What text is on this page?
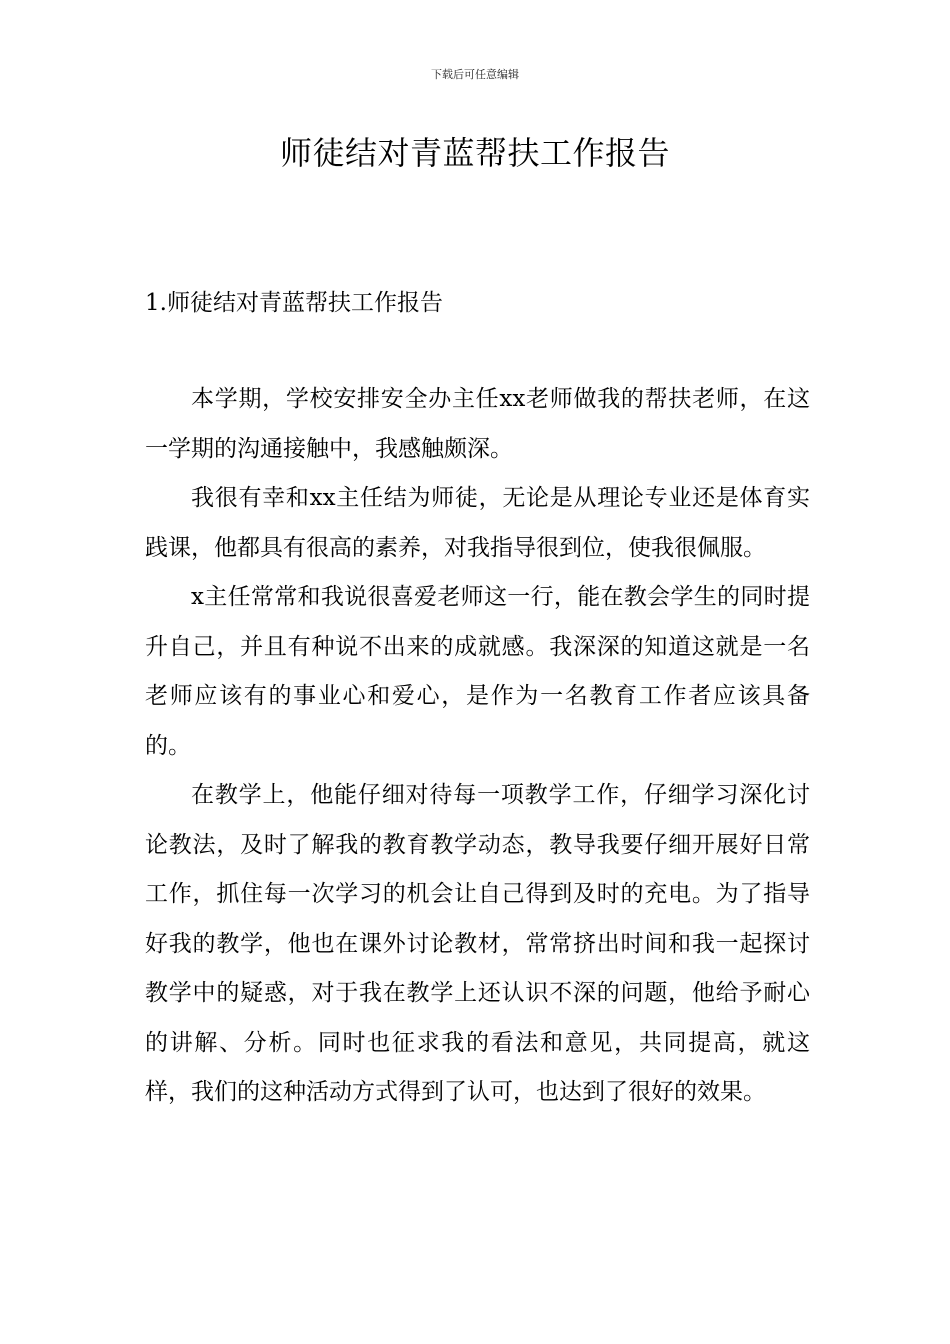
下载后可任意编辑
师徒结对青蓝帮扶工作报告
1.师徒结对青蓝帮扶工作报告

本学期，学校安排安全办主任xx老师做我的帮扶老师，在这一学期的沟通接触中，我感触颇深。

我很有幸和xx主任结为师徒，无论是从理论专业还是体育实践课，他都具有很高的素养，对我指导很到位，使我很佩服。

x主任常常和我说很喜爱老师这一行，能在教会学生的同时提升自己，并且有种说不出来的成就感。我深深的知道这就是一名老师应该有的事业心和爱心，是作为一名教育工作者应该具备的。

在教学上，他能仔细对待每一项教学工作，仔细学习深化讨论教法，及时了解我的教育教学动态，教导我要仔细开展好日常工作，抓住每一次学习的机会让自己得到及时的充电。为了指导好我的教学，他也在课外讨论教材，常常挤出时间和我一起探讨教学中的疑惑，对于我在教学上还认识不深的问题，他给予耐心的讲解、分析。同时也征求我的看法和意见，共同提高，就这样，我们的这种活动方式得到了认可，也达到了很好的效果。
